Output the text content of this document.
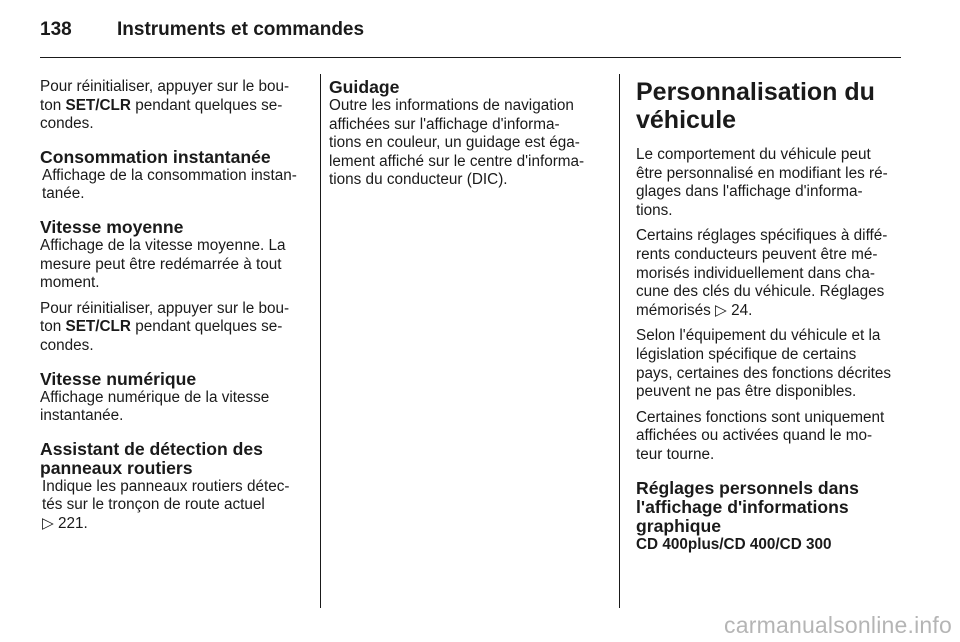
138 Instruments et commandes

Pour réinitialiser, appuyer sur le bou-
ton SET/CLR pendant quelques se-
condes.

Consommation instantanée

Affichage de la consommation instan-
tanée.

Vitesse moyenne

Affichage de la vitesse moyenne. La
mesure peut être redémarrée à tout
moment.

Pour réinitialiser, appuyer sur le bou-
ton SET/CLR pendant quelques se-
condes.

Vitesse numérique

Affichage numérique de la vitesse
instantanée.

Assistant de détection des
panneaux routiers

Indique les panneaux routiers détec-
tés sur le tronçon de route actuel
▷ 221.

Guidage

Outre les informations de navigation
affichées sur l'affichage d'informa-
tions en couleur, un guidage est éga-
lement affiché sur le centre d'informa-
tions du conducteur (DIC).

Personnalisation du
véhicule

Le comportement du véhicule peut
être personnalisé en modifiant les ré-
glages dans l'affichage d'informa-
tions.

Certains réglages spécifiques à diffé-
rents conducteurs peuvent être mé-
morisés individuellement dans cha-
cune des clés du véhicule. Réglages
mémorisés ▷ 24.

Selon l'équipement du véhicule et la
législation spécifique de certains
pays, certaines des fonctions décrites
peuvent ne pas être disponibles.

Certaines fonctions sont uniquement
affichées ou activées quand le mo-
teur tourne.

Réglages personnels dans
l'affichage d'informations
graphique
CD 400plus/CD 400/CD 300
carmanualsonline.info
